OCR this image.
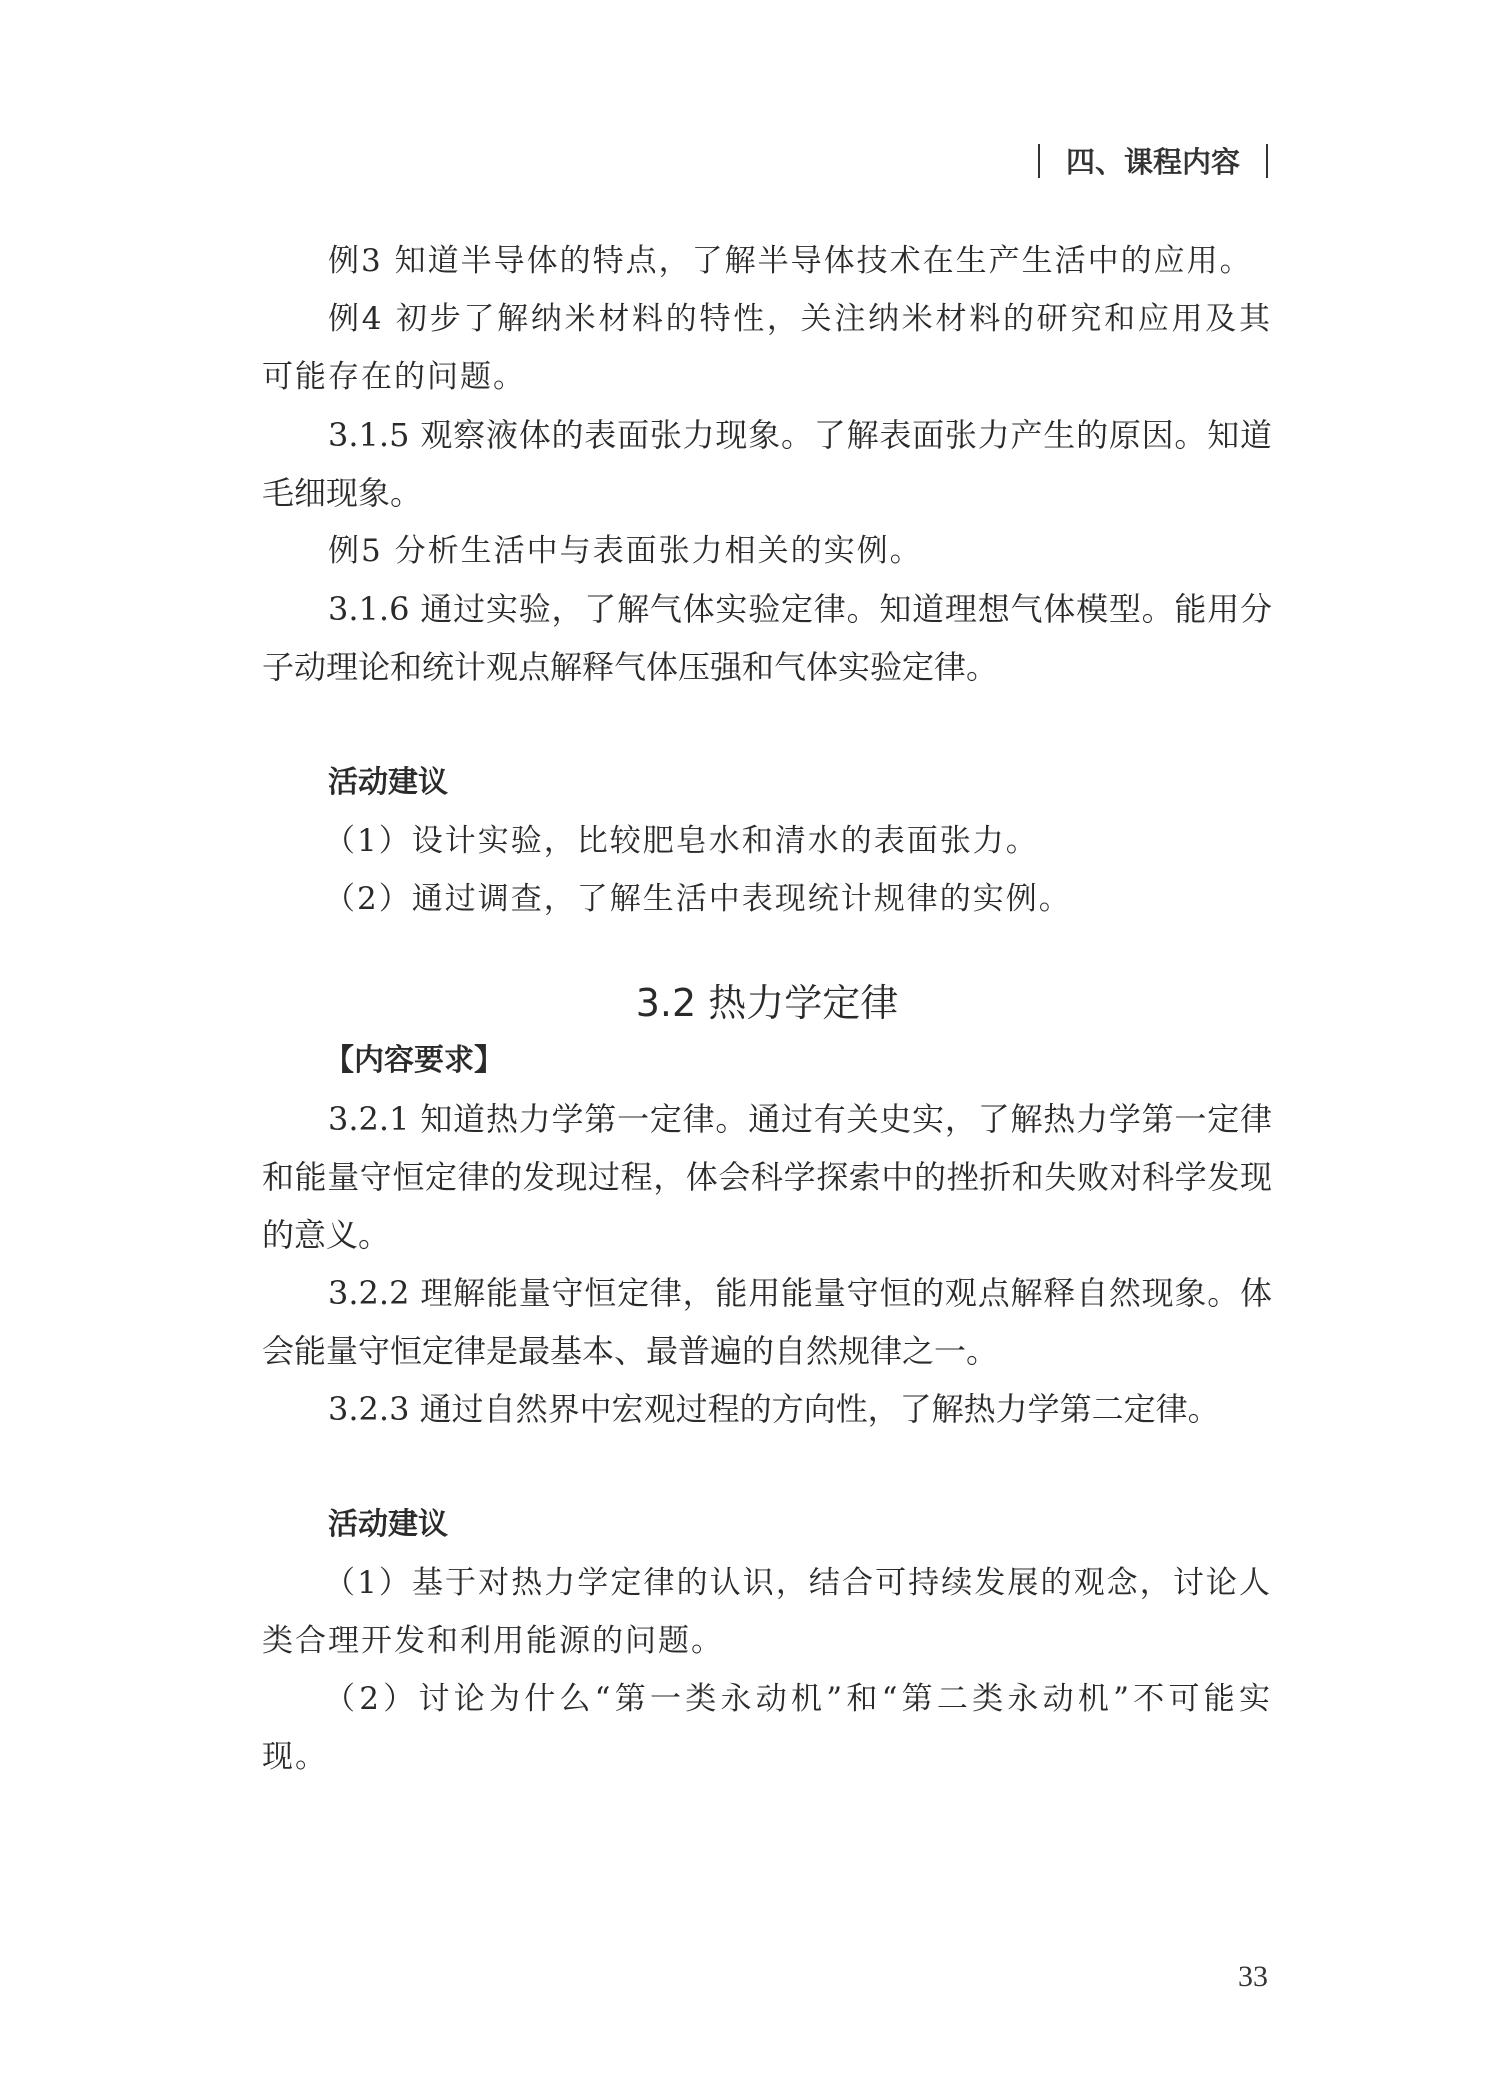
四、课程内容

例3 知道半导体的特点，了解半导体技术在生产生活中的应用。

例4 初步了解纳米材料的特性，关注纳米材料的研究和应用及其可能存在的问题。

3.1.5 观察液体的表面张力现象。了解表面张力产生的原因。知道毛细现象。

例5 分析生活中与表面张力相关的实例。

3.1.6 通过实验，了解气体实验定律。知道理想气体模型。能用分子动理论和统计观点解释气体压强和气体实验定律。

活动建议

（1）设计实验，比较肥皂水和清水的表面张力。

（2）通过调查，了解生活中表现统计规律的实例。

3.2 热力学定律

【内容要求】

3.2.1 知道热力学第一定律。通过有关史实，了解热力学第一定律和能量守恒定律的发现过程，体会科学探索中的挫折和失败对科学发现的意义。

3.2.2 理解能量守恒定律，能用能量守恒的观点解释自然现象。体会能量守恒定律是最基本、最普遍的自然规律之一。

3.2.3 通过自然界中宏观过程的方向性，了解热力学第二定律。

活动建议

（1）基于对热力学定律的认识，结合可持续发展的观念，讨论人类合理开发和利用能源的问题。

（2）讨论为什么“第一类永动机”和“第二类永动机”不可能实现。

33
